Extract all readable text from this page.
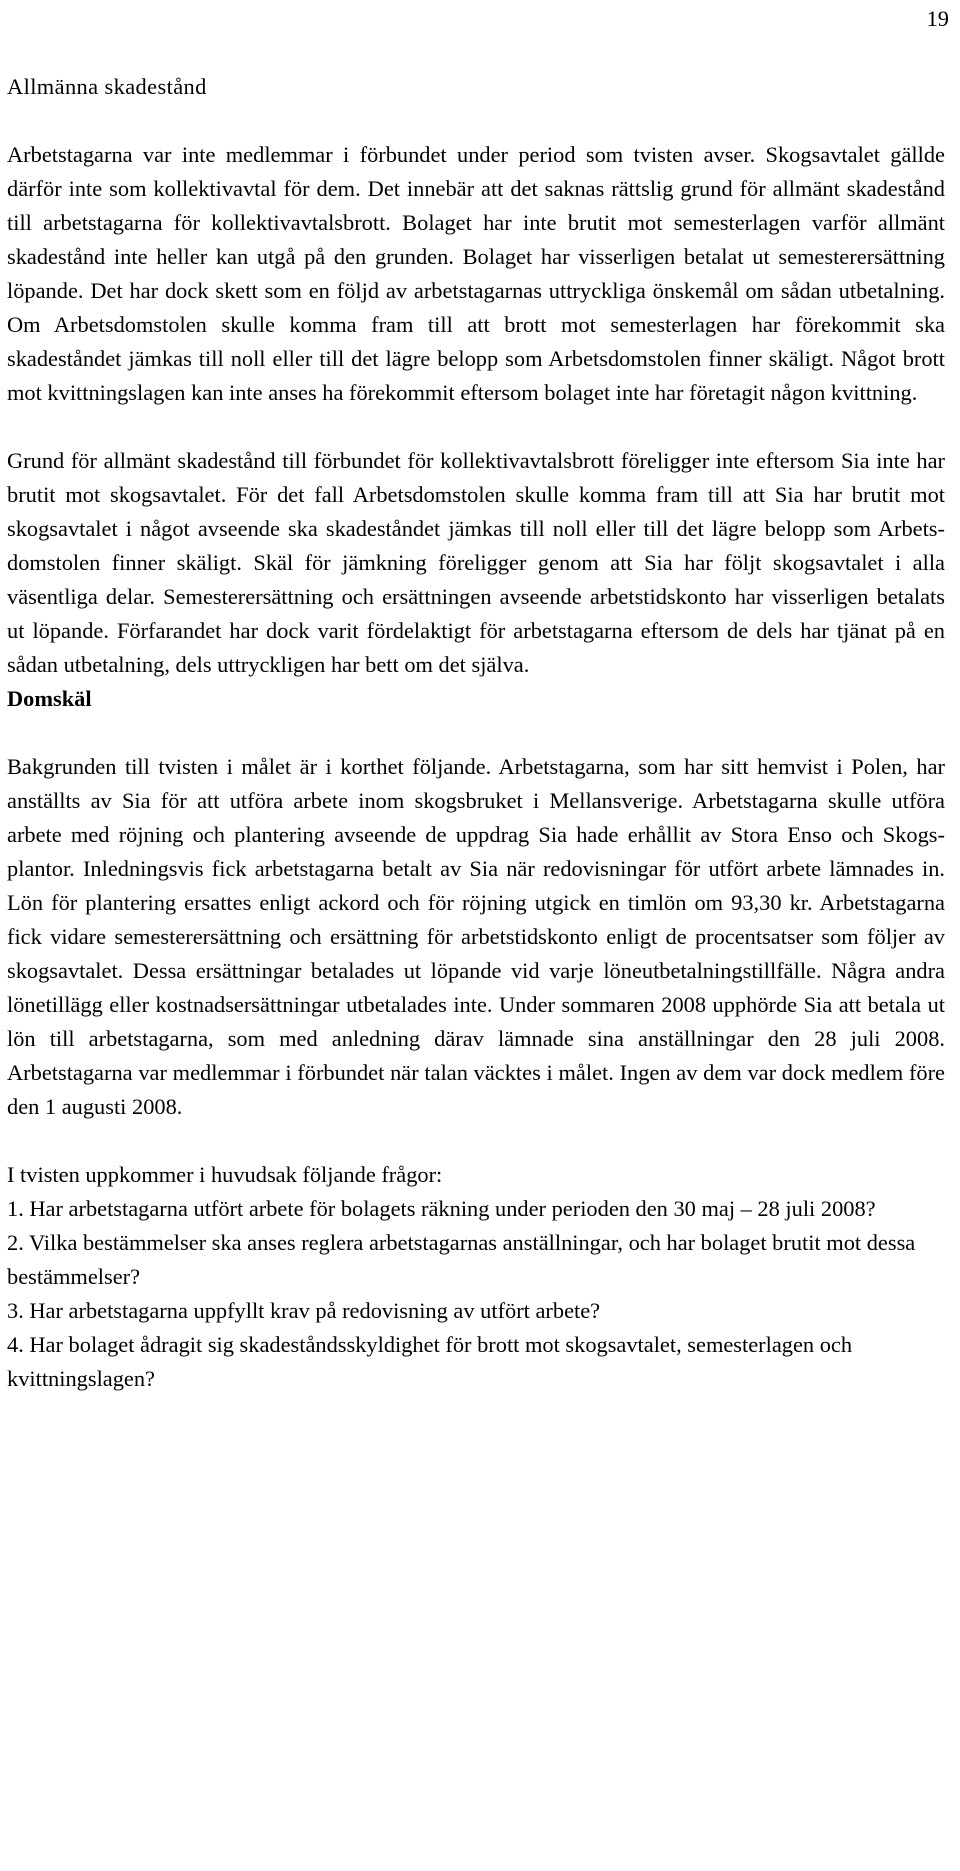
19
Allmänna skadestånd

Arbetstagarna var inte medlemmar i förbundet under period som tvisten avser. Skogsavtalet gällde därför inte som kollektivavtal för dem. Det innebär att det saknas rättslig grund för allmänt skadestånd till arbetstagarna för kollektivavtalsbrott. Bolaget har inte brutit mot semesterlagen varför allmänt skadestånd inte heller kan utgå på den grunden. Bolaget har visserligen betalat ut semesterersättning löpande. Det har dock skett som en följd av arbetstagarnas uttryckliga önskemål om sådan utbetalning. Om Arbetsdomstolen skulle komma fram till att brott mot semesterlagen har förekommit ska skadeståndet jämkas till noll eller till det lägre belopp som Arbetsdomstolen finner skäligt. Något brott mot kvittningslagen kan inte anses ha förekommit eftersom bolaget inte har företagit någon kvittning.

Grund för allmänt skadestånd till förbundet för kollektivavtalsbrott föreligger inte eftersom Sia inte har brutit mot skogsavtalet. För det fall Arbetsdomstolen skulle komma fram till att Sia har brutit mot skogsavtalet i något avseende ska skadeståndet jämkas till noll eller till det lägre belopp som Arbetsdomstolen finner skäligt. Skäl för jämkning föreligger genom att Sia har följt skogsavtalet i alla väsentliga delar. Semesterersättning och ersättningen avseende arbetstidskonto har visserligen betalats ut löpande. Förfarandet har dock varit fördelaktigt för arbetstagarna eftersom de dels har tjänat på en sådan utbetalning, dels uttryckligen har bett om det själva.

Domskäl

Bakgrunden till tvisten i målet är i korthet följande. Arbetstagarna, som har sitt hemvist i Polen, har anställts av Sia för att utföra arbete inom skogsbruket i Mellansverige. Arbetstagarna skulle utföra arbete med röjning och plantering avseende de uppdrag Sia hade erhållit av Stora Enso och Skogsplantor. Inledningsvis fick arbetstagarna betalt av Sia när redovisningar för utfört arbete lämnades in. Lön för plantering ersattes enligt ackord och för röjning utgick en timlön om 93,30 kr. Arbetstagarna fick vidare semesterersättning och ersättning för arbetstidskonto enligt de procentsatser som följer av skogsavtalet. Dessa ersättningar betalades ut löpande vid varje löneutbetalningstillfälle. Några andra lönetillägg eller kostnadsersättningar utbetalades inte. Under sommaren 2008 upphörde Sia att betala ut lön till arbetstagarna, som med anledning därav lämnade sina anställningar den 28 juli 2008. Arbetstagarna var medlemmar i förbundet när talan väcktes i målet. Ingen av dem var dock medlem före den 1 augusti 2008.

I tvisten uppkommer i huvudsak följande frågor:

1. Har arbetstagarna utfört arbete för bolagets räkning under perioden den 30 maj – 28 juli 2008?
2. Vilka bestämmelser ska anses reglera arbetstagarnas anställningar, och har bolaget brutit mot dessa bestämmelser?
3. Har arbetstagarna uppfyllt krav på redovisning av utfört arbete?
4. Har bolaget ådragit sig skadeståndsskyldighet för brott mot skogsavtalet, semesterlagen och kvittningslagen?
